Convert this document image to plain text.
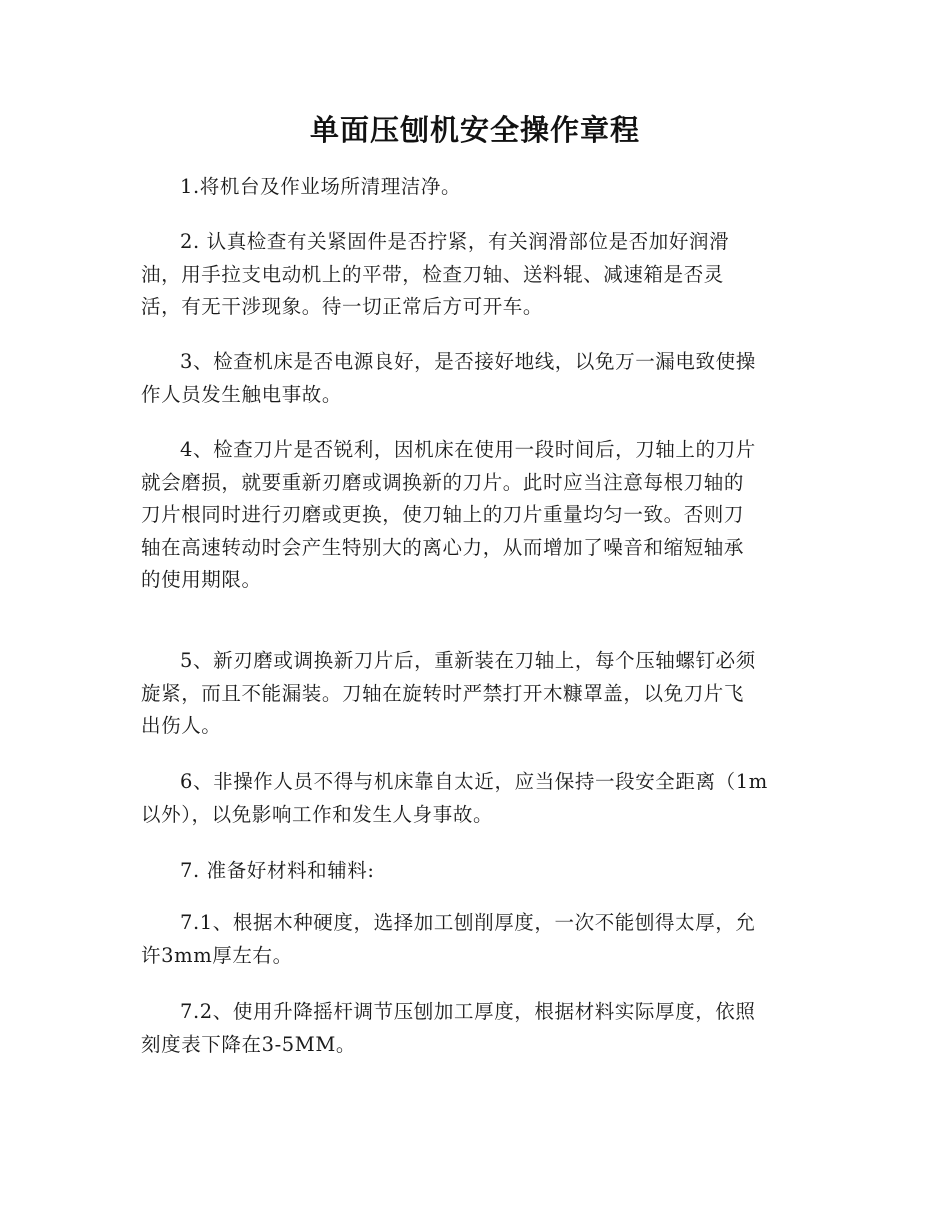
单面压刨机安全操作章程
1.将机台及作业场所清理洁净。
2. 认真检查有关紧固件是否拧紧，有关润滑部位是否加好润滑
油，用手拉支电动机上的平带，检查刀轴、送料辊、减速箱是否灵
活，有无干涉现象。待一切正常后方可开车。
3、检查机床是否电源良好，是否接好地线，以免万一漏电致使操
作人员发生触电事故。
4、检查刀片是否锐利，因机床在使用一段时间后，刀轴上的刀片
就会磨损，就要重新刃磨或调换新的刀片。此时应当注意每根刀轴的
刀片根同时进行刃磨或更换，使刀轴上的刀片重量均匀一致。否则刀
轴在高速转动时会产生特别大的离心力，从而增加了噪音和缩短轴承
的使用期限。
5、新刃磨或调换新刀片后，重新装在刀轴上，每个压轴螺钉必须
旋紧，而且不能漏装。刀轴在旋转时严禁打开木糠罩盖，以免刀片飞
出伤人。
6、非操作人员不得与机床靠自太近，应当保持一段安全距离（1m
以外），以免影响工作和发生人身事故。
7. 准备好材料和辅料:
7.1、根据木种硬度，选择加工刨削厚度，一次不能刨得太厚，允
许3mm厚左右。
7.2、使用升降摇杆调节压刨加工厚度，根据材料实际厚度，依照
刻度表下降在3-5MM。
